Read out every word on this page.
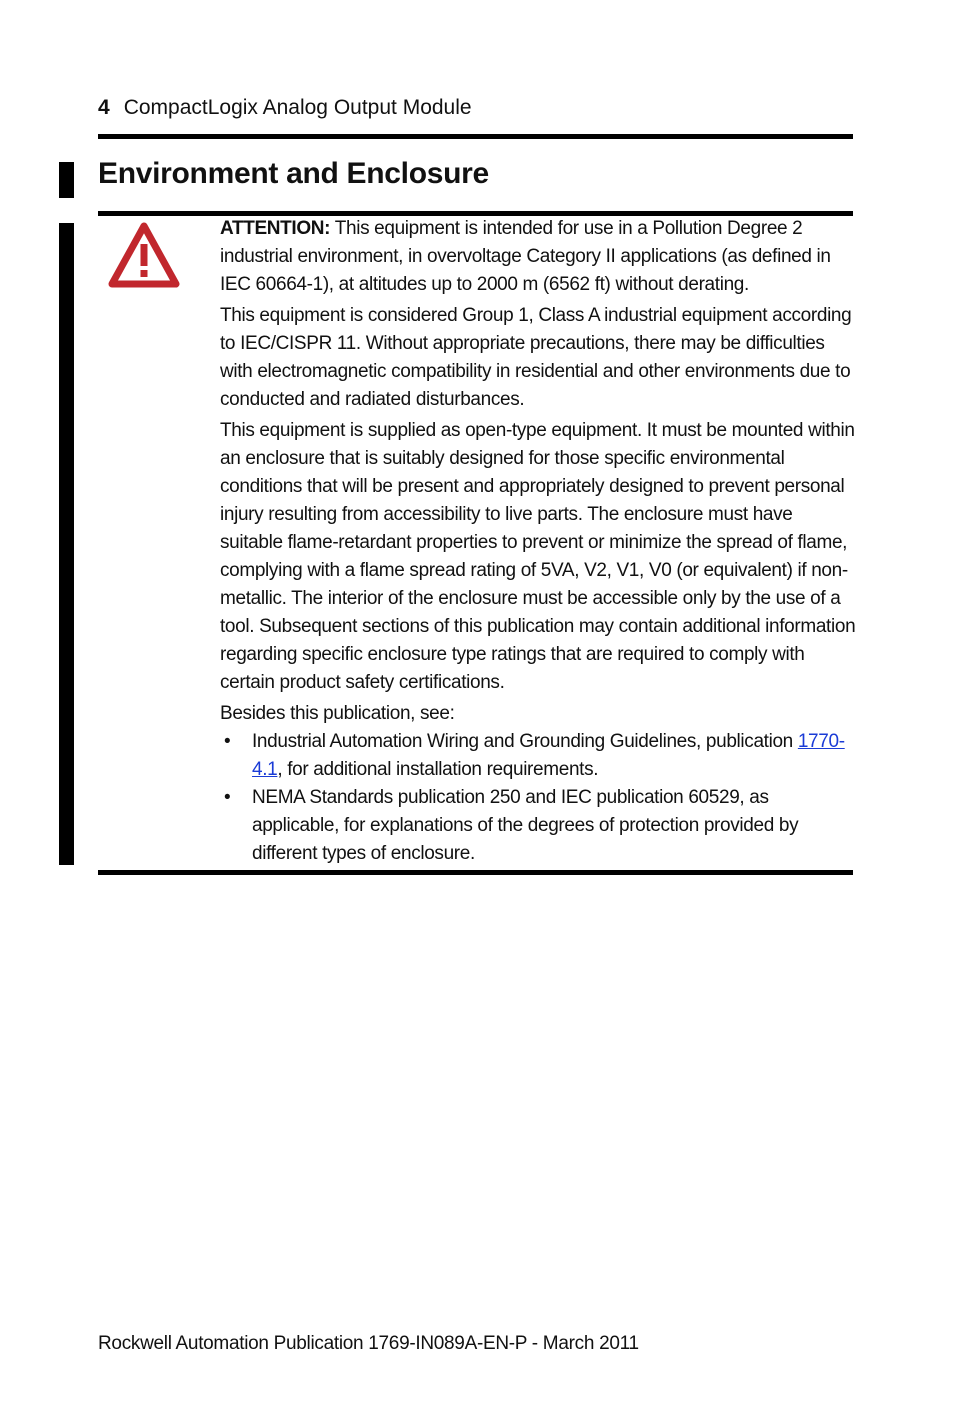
4 CompactLogix Analog Output Module
Environment and Enclosure

ATTENTION: This equipment is intended for use in a Pollution Degree 2 industrial environment, in overvoltage Category II applications (as defined in IEC 60664-1), at altitudes up to 2000 m (6562 ft) without derating.

This equipment is considered Group 1, Class A industrial equipment according to IEC/CISPR 11. Without appropriate precautions, there may be difficulties with electromagnetic compatibility in residential and other environments due to conducted and radiated disturbances.

This equipment is supplied as open-type equipment. It must be mounted within an enclosure that is suitably designed for those specific environmental conditions that will be present and appropriately designed to prevent personal injury resulting from accessibility to live parts. The enclosure must have suitable flame-retardant properties to prevent or minimize the spread of flame, complying with a flame spread rating of 5VA, V2, V1, V0 (or equivalent) if non-metallic. The interior of the enclosure must be accessible only by the use of a tool. Subsequent sections of this publication may contain additional information regarding specific enclosure type ratings that are required to comply with certain product safety certifications.

Besides this publication, see:

• Industrial Automation Wiring and Grounding Guidelines, publication 1770-4.1, for additional installation requirements.
• NEMA Standards publication 250 and IEC publication 60529, as applicable, for explanations of the degrees of protection provided by different types of enclosure.
Rockwell Automation Publication 1769-IN089A-EN-P - March 2011
